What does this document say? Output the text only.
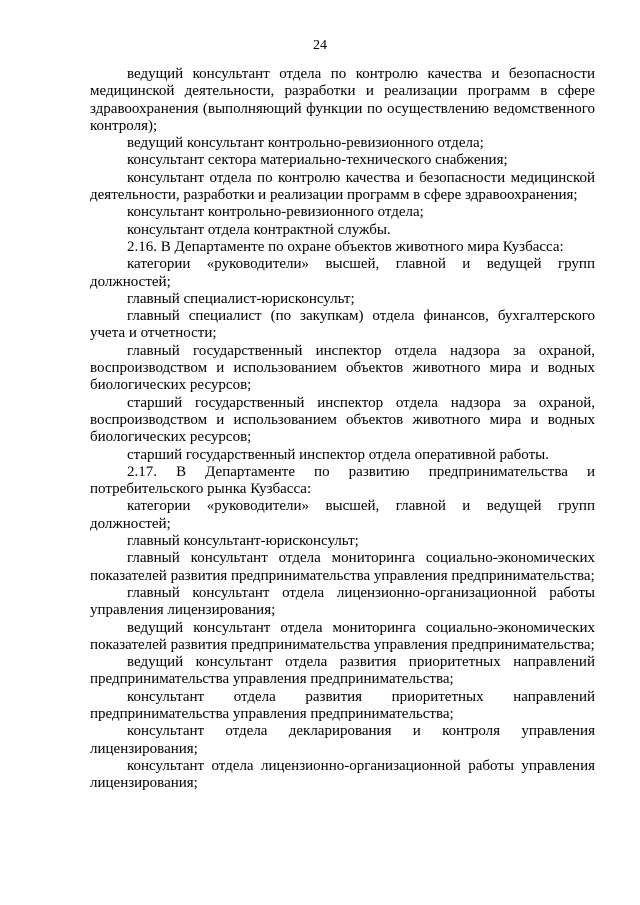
24

ведущий консультант отдела по контролю качества и безопасности медицинской деятельности, разработки и реализации программ в сфере здравоохранения (выполняющий функции по осуществлению ведомственного контроля);

ведущий консультант контрольно-ревизионного отдела;

консультант сектора материально-технического снабжения;

консультант отдела по контролю качества и безопасности медицинской деятельности, разработки и реализации программ в сфере здравоохранения;

консультант контрольно-ревизионного отдела;

консультант отдела контрактной службы.

2.16. В Департаменте по охране объектов животного мира Кузбасса:

категории «руководители» высшей, главной и ведущей групп должностей;

главный специалист-юрисконсульт;

главный специалист (по закупкам) отдела финансов, бухгалтерского учета и отчетности;

главный государственный инспектор отдела надзора за охраной, воспроизводством и использованием объектов животного мира и водных биологических ресурсов;

старший государственный инспектор отдела надзора за охраной, воспроизводством и использованием объектов животного мира и водных биологических ресурсов;

старший государственный инспектор отдела оперативной работы.

2.17. В Департаменте по развитию предпринимательства и потребительского рынка Кузбасса:

категории «руководители» высшей, главной и ведущей групп должностей;

главный консультант-юрисконсульт;

главный консультант отдела мониторинга социально-экономических показателей развития предпринимательства управления предпринимательства;

главный консультант отдела лицензионно-организационной работы управления лицензирования;

ведущий консультант отдела мониторинга социально-экономических показателей развития предпринимательства управления предпринимательства;

ведущий консультант отдела развития приоритетных направлений предпринимательства управления предпринимательства;

консультант отдела развития приоритетных направлений предпринимательства управления предпринимательства;

консультант отдела декларирования и контроля управления лицензирования;

консультант отдела лицензионно-организационной работы управления лицензирования;
